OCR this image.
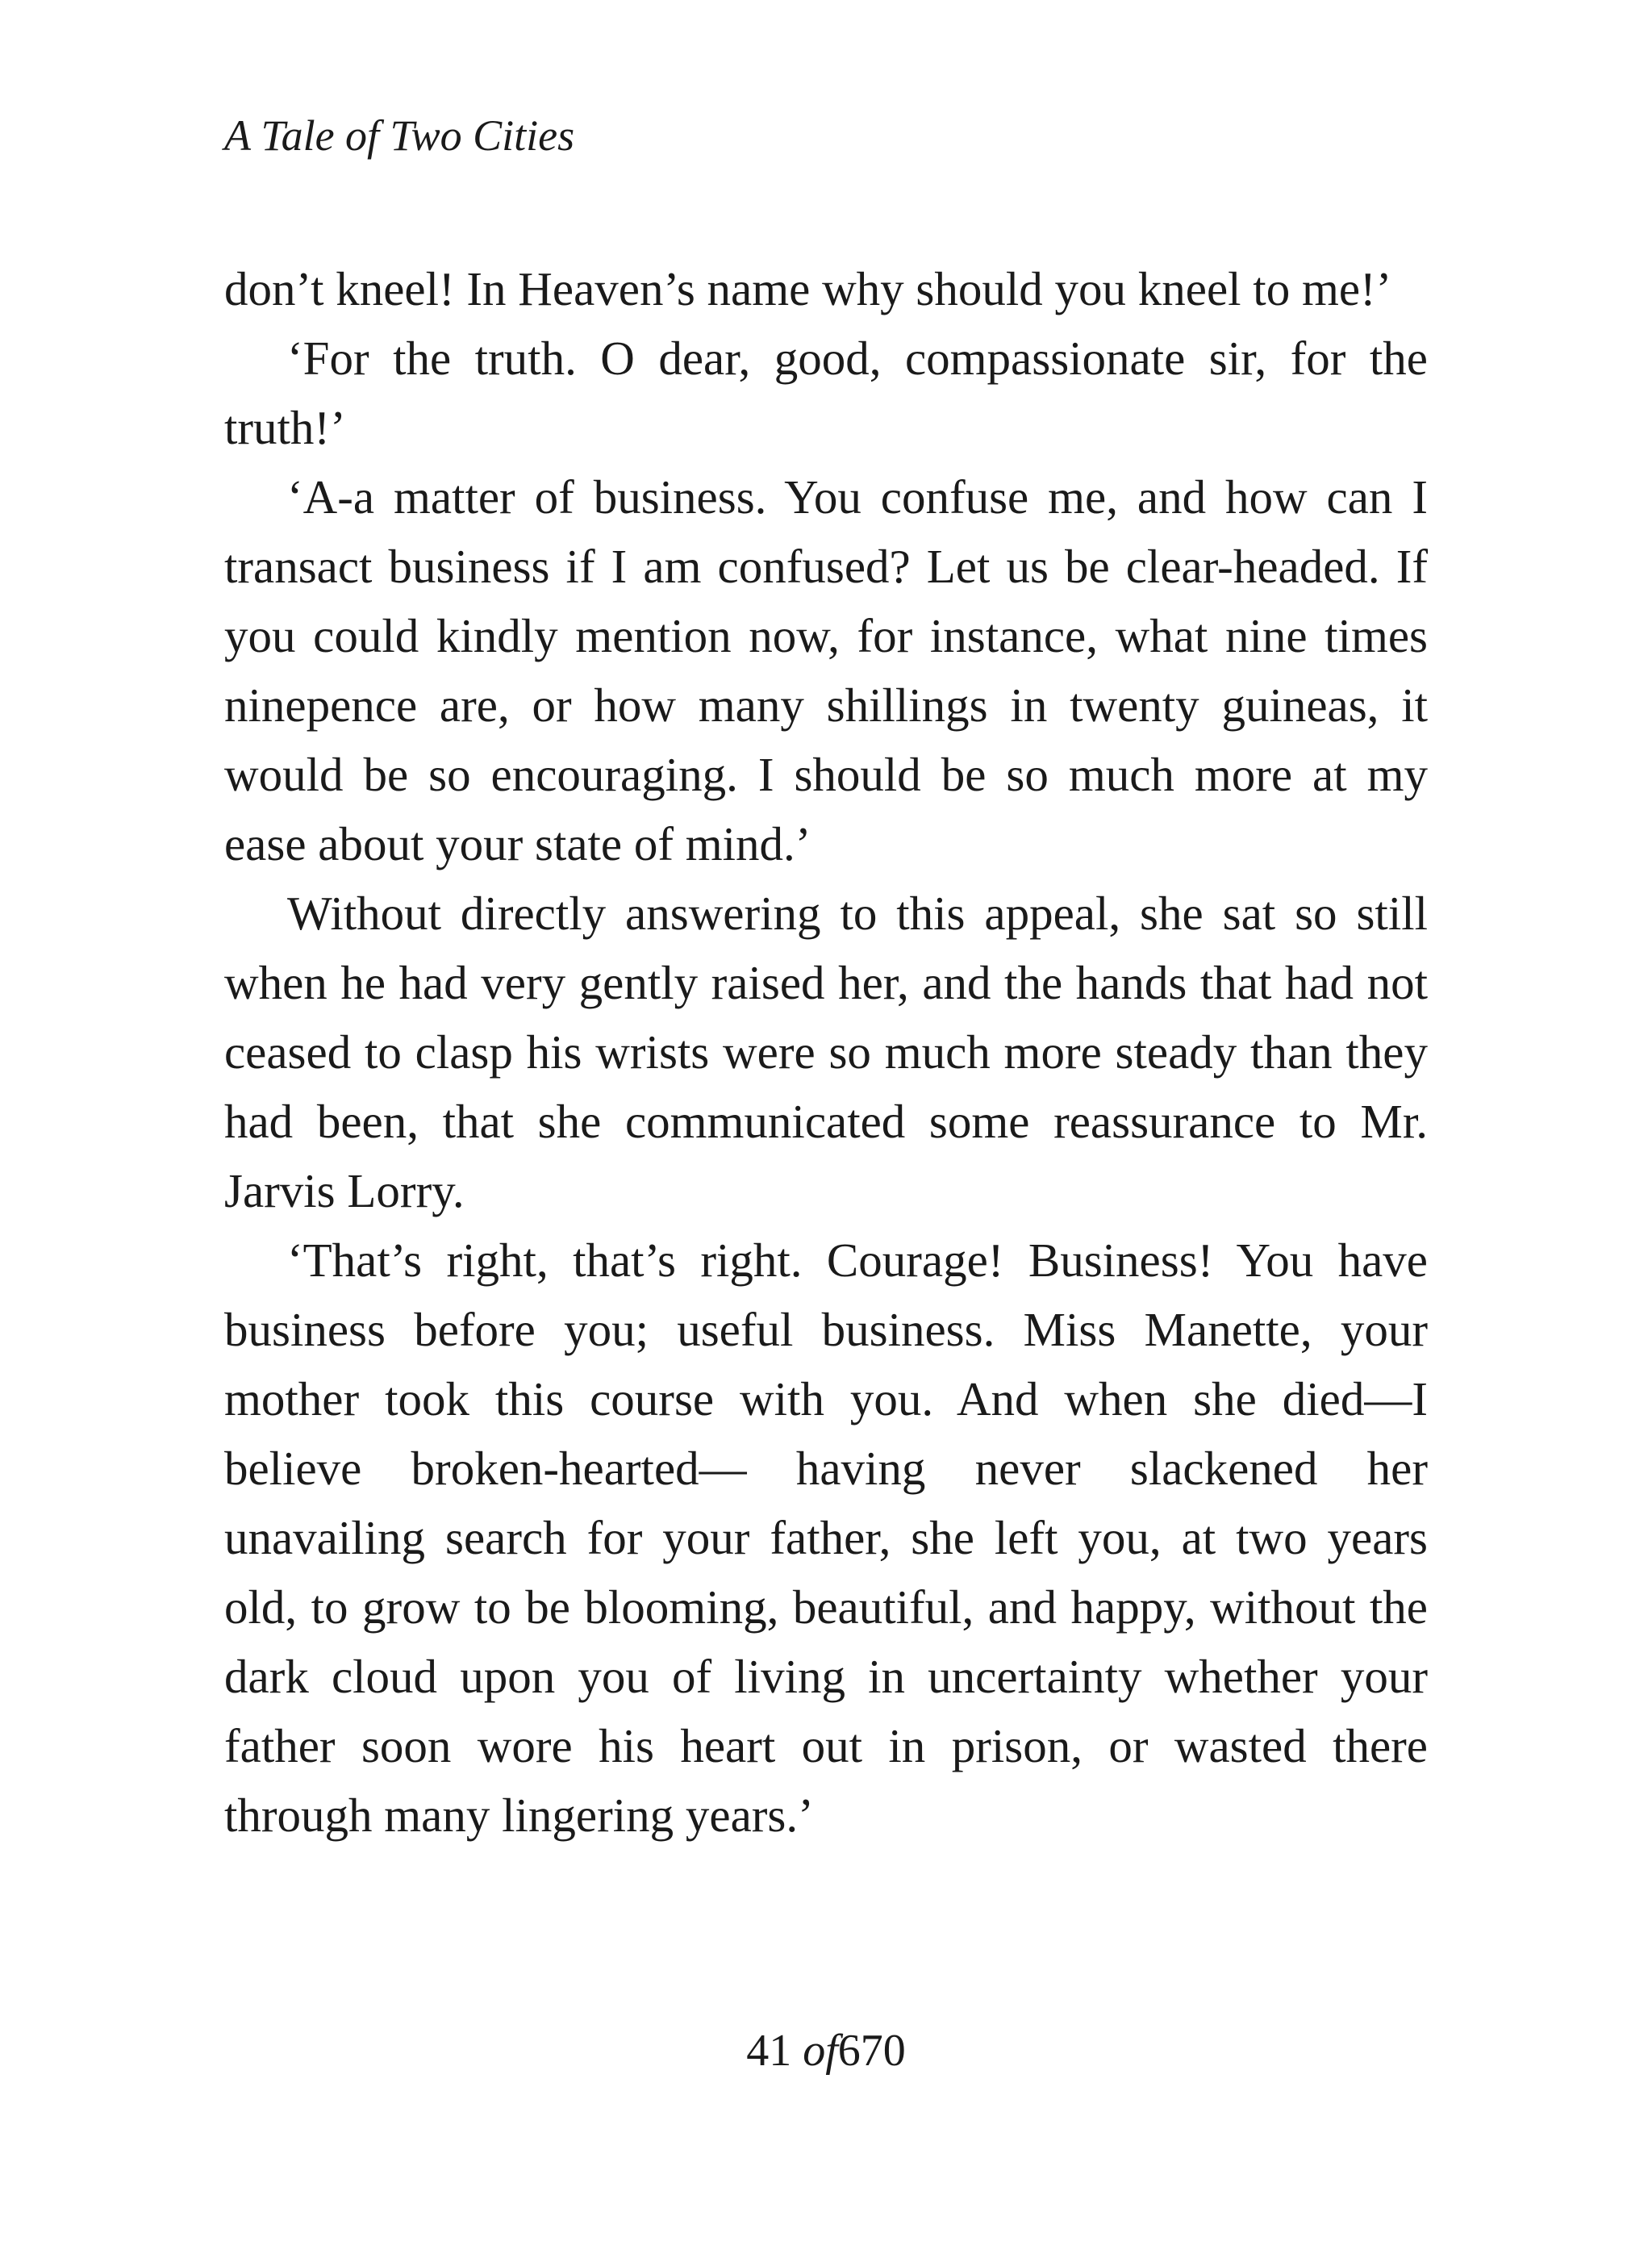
A Tale of Two Cities

don’t kneel! In Heaven’s name why should you kneel to me!’

‘For the truth. O dear, good, compassionate sir, for the truth!’

‘A-a matter of business. You confuse me, and how can I transact business if I am confused? Let us be clear-headed. If you could kindly mention now, for instance, what nine times ninepence are, or how many shillings in twenty guineas, it would be so encouraging. I should be so much more at my ease about your state of mind.’

Without directly answering to this appeal, she sat so still when he had very gently raised her, and the hands that had not ceased to clasp his wrists were so much more steady than they had been, that she communicated some reassurance to Mr. Jarvis Lorry.

‘That’s right, that’s right. Courage! Business! You have business before you; useful business. Miss Manette, your mother took this course with you. And when she died—I believe broken-hearted— having never slackened her unavailing search for your father, she left you, at two years old, to grow to be blooming, beautiful, and happy, without the dark cloud upon you of living in uncertainty whether your father soon wore his heart out in prison, or wasted there through many lingering years.’

41 of670
